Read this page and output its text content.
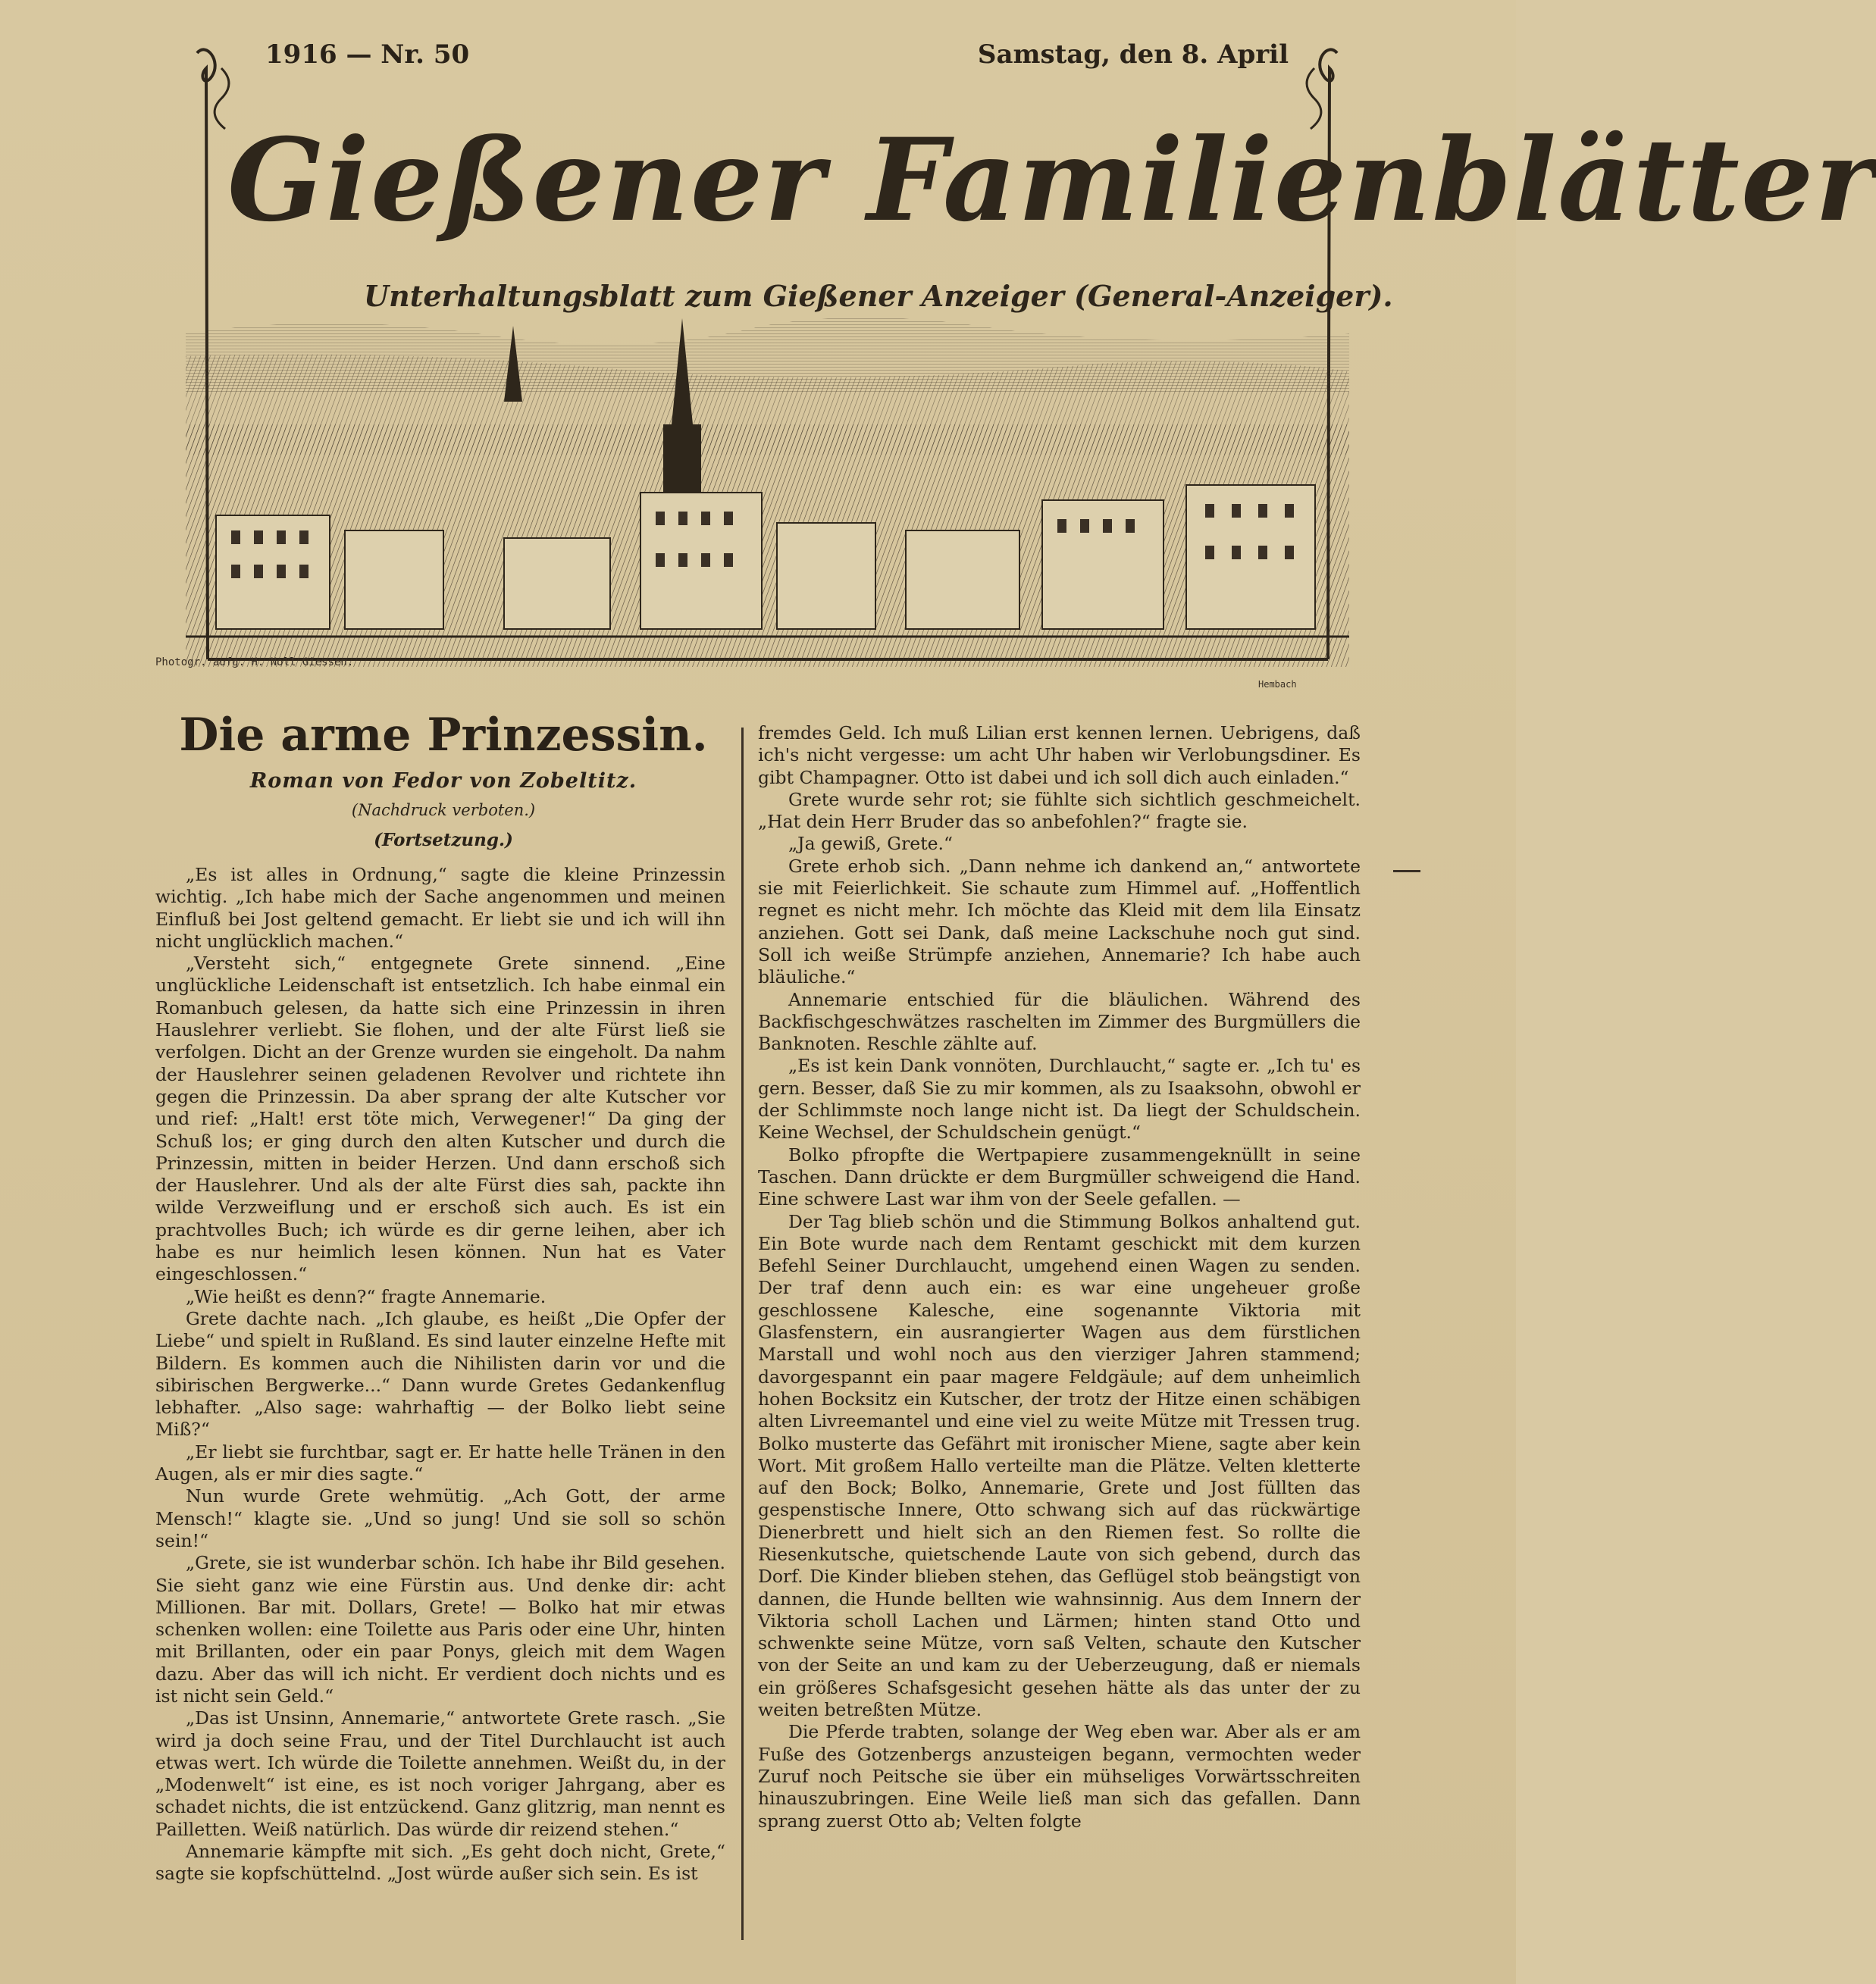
1916 — Nr. 50	Samstag, den 8. April
Gießener Familienblätter
Unterhaltungsblatt zum Gießener Anzeiger (General-Anzeiger).
Photogr. aufg. H. Noll Giessen.
Hembach
Die arme Prinzessin.
Roman von Fedor von Zobeltitz.
(Nachdruck verboten.)
(Fortsetzung.)

„Es ist alles in Ordnung,“ sagte die kleine Prinzessin wichtig. „Ich habe mich der Sache angenommen und meinen Einfluß bei Jost geltend gemacht. Er liebt sie und ich will ihn nicht unglücklich machen.“

„Versteht sich,“ entgegnete Grete sinnend. „Eine unglückliche Leidenschaft ist entsetzlich. Ich habe einmal ein Romanbuch gelesen, da hatte sich eine Prinzessin in ihren Hauslehrer verliebt. Sie flohen, und der alte Fürst ließ sie verfolgen. Dicht an der Grenze wurden sie eingeholt. Da nahm der Hauslehrer seinen geladenen Revolver und richtete ihn gegen die Prinzessin. Da aber sprang der alte Kutscher vor und rief: „Halt! erst töte mich, Verwegener!“ Da ging der Schuß los; er ging durch den alten Kutscher und durch die Prinzessin, mitten in beider Herzen. Und dann erschoß sich der Hauslehrer. Und als der alte Fürst dies sah, packte ihn wilde Verzweiflung und er erschoß sich auch. Es ist ein prachtvolles Buch; ich würde es dir gerne leihen, aber ich habe es nur heimlich lesen können. Nun hat es Vater eingeschlossen.“

„Wie heißt es denn?“ fragte Annemarie.

Grete dachte nach. „Ich glaube, es heißt „Die Opfer der Liebe“ und spielt in Rußland. Es sind lauter einzelne Hefte mit Bildern. Es kommen auch die Nihilisten darin vor und die sibirischen Bergwerke...“ Dann wurde Gretes Gedankenflug lebhafter. „Also sage: wahrhaftig — der Bolko liebt seine Miß?“

„Er liebt sie furchtbar, sagt er. Er hatte helle Tränen in den Augen, als er mir dies sagte.“

Nun wurde Grete wehmütig. „Ach Gott, der arme Mensch!“ klagte sie. „Und so jung! Und sie soll so schön sein!“

„Grete, sie ist wunderbar schön. Ich habe ihr Bild gesehen. Sie sieht ganz wie eine Fürstin aus. Und denke dir: acht Millionen. Bar mit. Dollars, Grete! — Bolko hat mir etwas schenken wollen: eine Toilette aus Paris oder eine Uhr, hinten mit Brillanten, oder ein paar Ponys, gleich mit dem Wagen dazu. Aber das will ich nicht. Er verdient doch nichts und es ist nicht sein Geld.“

„Das ist Unsinn, Annemarie,“ antwortete Grete rasch. „Sie wird ja doch seine Frau, und der Titel Durchlaucht ist auch etwas wert. Ich würde die Toilette annehmen. Weißt du, in der „Modenwelt“ ist eine, es ist noch voriger Jahrgang, aber es schadet nichts, die ist entzückend. Ganz glitzrig, man nennt es Pailletten. Weiß natürlich. Das würde dir reizend stehen.“

Annemarie kämpfte mit sich. „Es geht doch nicht, Grete,“ sagte sie kopfschüttelnd. „Jost würde außer sich sein. Es ist

fremdes Geld. Ich muß Lilian erst kennen lernen. Uebrigens, daß ich's nicht vergesse: um acht Uhr haben wir Verlobungsdiner. Es gibt Champagner. Otto ist dabei und ich soll dich auch einladen.“

Grete wurde sehr rot; sie fühlte sich sichtlich geschmeichelt. „Hat dein Herr Bruder das so anbefohlen?“ fragte sie.

„Ja gewiß, Grete.“

Grete erhob sich. „Dann nehme ich dankend an,“ antwortete sie mit Feierlichkeit. Sie schaute zum Himmel auf. „Hoffentlich regnet es nicht mehr. Ich möchte das Kleid mit dem lila Einsatz anziehen. Gott sei Dank, daß meine Lackschuhe noch gut sind. Soll ich weiße Strümpfe anziehen, Annemarie? Ich habe auch bläuliche.“

Annemarie entschied für die bläulichen. Während des Backfischgeschwätzes raschelten im Zimmer des Burgmüllers die Banknoten. Reschle zählte auf.

„Es ist kein Dank vonnöten, Durchlaucht,“ sagte er. „Ich tu' es gern. Besser, daß Sie zu mir kommen, als zu Isaaksohn, obwohl er der Schlimmste noch lange nicht ist. Da liegt der Schuldschein. Keine Wechsel, der Schuldschein genügt.“

Bolko pfropfte die Wertpapiere zusammengeknüllt in seine Taschen. Dann drückte er dem Burgmüller schweigend die Hand. Eine schwere Last war ihm von der Seele gefallen. —

Der Tag blieb schön und die Stimmung Bolkos anhaltend gut. Ein Bote wurde nach dem Rentamt geschickt mit dem kurzen Befehl Seiner Durchlaucht, umgehend einen Wagen zu senden. Der traf denn auch ein: es war eine ungeheuer große geschlossene Kalesche, eine sogenannte Viktoria mit Glasfenstern, ein ausrangierter Wagen aus dem fürstlichen Marstall und wohl noch aus den vierziger Jahren stammend; davorgespannt ein paar magere Feldgäule; auf dem unheimlich hohen Bocksitz ein Kutscher, der trotz der Hitze einen schäbigen alten Livreemantel und eine viel zu weite Mütze mit Tressen trug. Bolko musterte das Gefährt mit ironischer Miene, sagte aber kein Wort. Mit großem Hallo verteilte man die Plätze. Velten kletterte auf den Bock; Bolko, Annemarie, Grete und Jost füllten das gespenstische Innere, Otto schwang sich auf das rückwärtige Dienerbrett und hielt sich an den Riemen fest. So rollte die Riesenkutsche, quietschende Laute von sich gebend, durch das Dorf. Die Kinder blieben stehen, das Geflügel stob beängstigt von dannen, die Hunde bellten wie wahnsinnig. Aus dem Innern der Viktoria scholl Lachen und Lärmen; hinten stand Otto und schwenkte seine Mütze, vorn saß Velten, schaute den Kutscher von der Seite an und kam zu der Ueberzeugung, daß er niemals ein größeres Schafsgesicht gesehen hätte als das unter der zu weiten betreßten Mütze.

Die Pferde trabten, solange der Weg eben war. Aber als er am Fuße des Gotzenbergs anzusteigen begann, vermochten weder Zuruf noch Peitsche sie über ein mühseliges Vorwärtsschreiten hinauszubringen. Eine Weile ließ man sich das gefallen. Dann sprang zuerst Otto ab; Velten folgte
